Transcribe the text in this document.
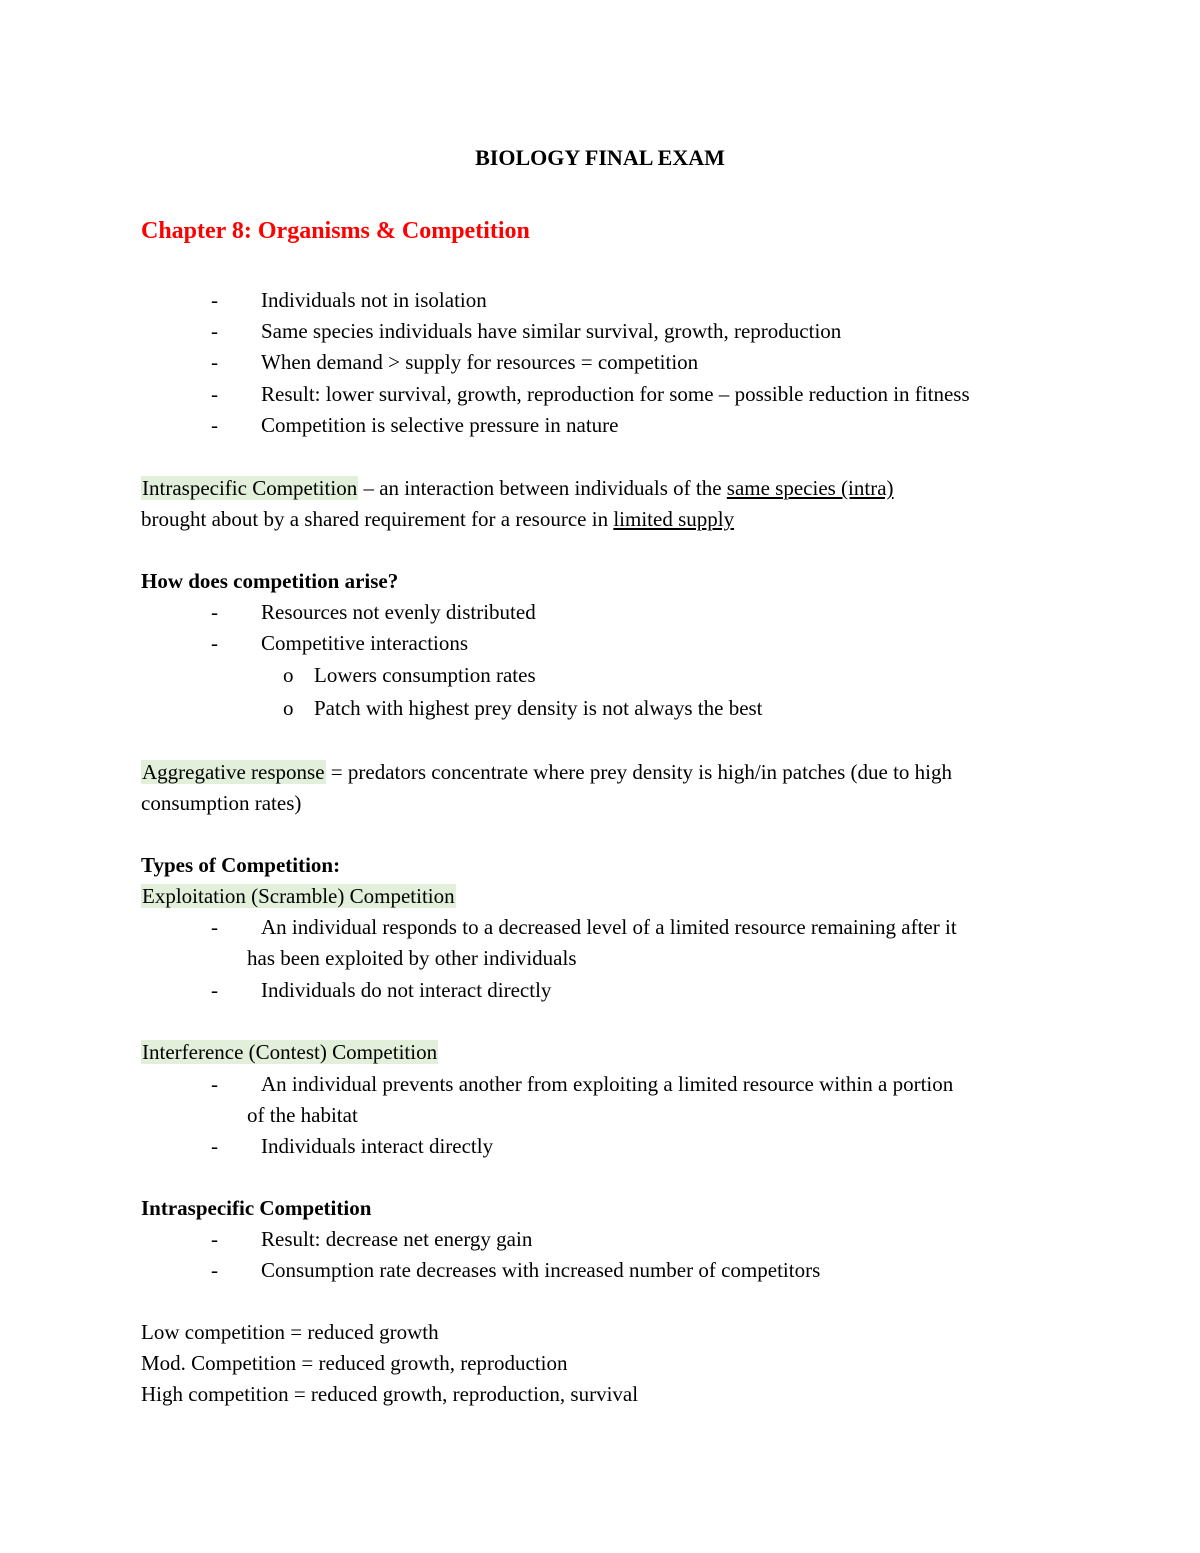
BIOLOGY FINAL EXAM
Chapter 8: Organisms & Competition
- Individuals not in isolation
- Same species individuals have similar survival, growth, reproduction
- When demand > supply for resources = competition
- Result: lower survival, growth, reproduction for some – possible reduction in fitness
- Competition is selective pressure in nature
Intraspecific Competition – an interaction between individuals of the same species (intra)
brought about by a shared requirement for a resource in limited supply
How does competition arise?
- Resources not evenly distributed
- Competitive interactions
o Lowers consumption rates
o Patch with highest prey density is not always the best
Aggregative response = predators concentrate where prey density is high/in patches (due to high
consumption rates)
Types of Competition:
Exploitation (Scramble) Competition
- An individual responds to a decreased level of a limited resource remaining after it
has been exploited by other individuals
- Individuals do not interact directly
Interference (Contest) Competition
- An individual prevents another from exploiting a limited resource within a portion
of the habitat
- Individuals interact directly
Intraspecific Competition
- Result: decrease net energy gain
- Consumption rate decreases with increased number of competitors
Low competition = reduced growth
Mod. Competition = reduced growth, reproduction
High competition = reduced growth, reproduction, survival
